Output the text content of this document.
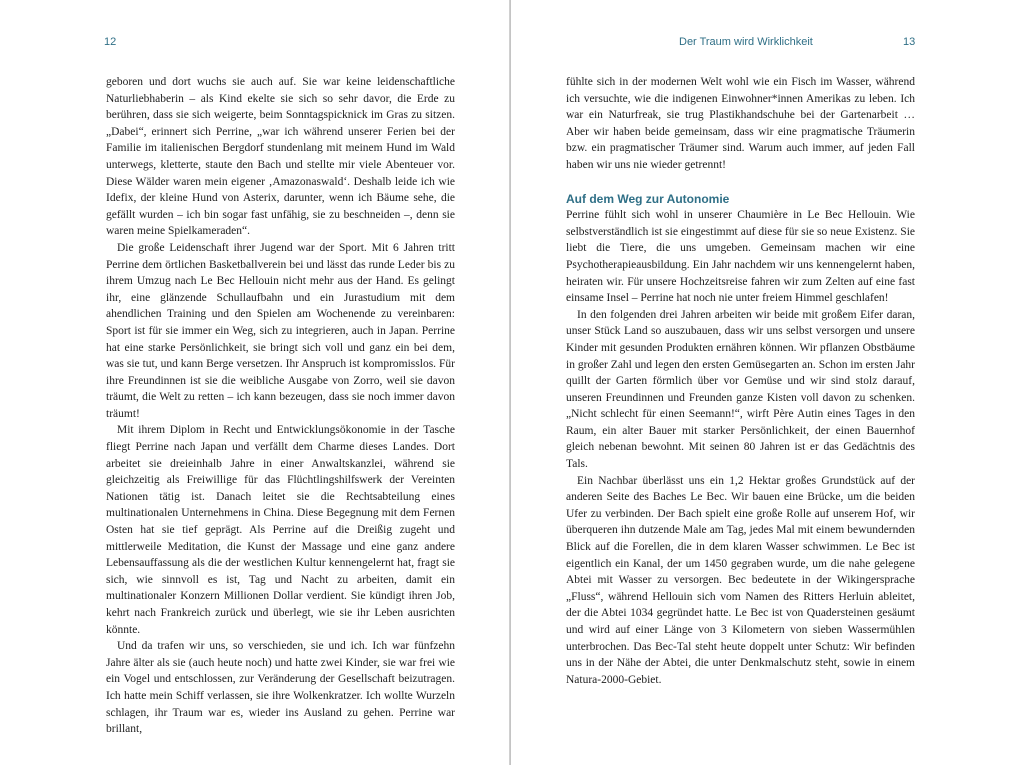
12

geboren und dort wuchs sie auch auf. Sie war keine leidenschaftliche Naturliebhaberin – als Kind ekelte sie sich so sehr davor, die Erde zu berühren, dass sie sich weigerte, beim Sonntagspicknick im Gras zu sitzen. „Dabei“, erinnert sich Perrine, „war ich während unserer Ferien bei der Familie im italienischen Bergdorf stundenlang mit meinem Hund im Wald unterwegs, kletterte, staute den Bach und stellte mir viele Abenteuer vor. Diese Wälder waren mein eigener ‚Amazonaswald‘. Deshalb leide ich wie Idefix, der kleine Hund von Asterix, darunter, wenn ich Bäume sehe, die gefällt wurden – ich bin sogar fast unfähig, sie zu beschneiden –, denn sie waren meine Spielkameraden“.

Die große Leidenschaft ihrer Jugend war der Sport. Mit 6 Jahren tritt Perrine dem örtlichen Basketballverein bei und lässt das runde Leder bis zu ihrem Umzug nach Le Bec Hellouin nicht mehr aus der Hand. Es gelingt ihr, eine glänzende Schullaufbahn und ein Jurastudium mit dem ahendlichen Training und den Spielen am Wochenende zu vereinbaren: Sport ist für sie immer ein Weg, sich zu integrieren, auch in Japan. Perrine hat eine starke Persönlichkeit, sie bringt sich voll und ganz ein bei dem, was sie tut, und kann Berge versetzen. Ihr Anspruch ist kompromisslos. Für ihre Freundinnen ist sie die weibliche Ausgabe von Zorro, weil sie davon träumt, die Welt zu retten – ich kann bezeugen, dass sie noch immer davon träumt!

Mit ihrem Diplom in Recht und Entwicklungsökonomie in der Tasche fliegt Perrine nach Japan und verfällt dem Charme dieses Landes. Dort arbeitet sie dreieinhalb Jahre in einer Anwaltskanzlei, während sie gleichzeitig als Freiwillige für das Flüchtlingshilfswerk der Vereinten Nationen tätig ist. Danach leitet sie die Rechtsabteilung eines multinationalen Unternehmens in China. Diese Begegnung mit dem Fernen Osten hat sie tief geprägt. Als Perrine auf die Dreißig zugeht und mittlerweile Meditation, die Kunst der Massage und eine ganz andere Lebensauffassung als die der westlichen Kultur kennengelernt hat, fragt sie sich, wie sinnvoll es ist, Tag und Nacht zu arbeiten, damit ein multinationaler Konzern Millionen Dollar verdient. Sie kündigt ihren Job, kehrt nach Frankreich zurück und überlegt, wie sie ihr Leben ausrichten könnte.

Und da trafen wir uns, so verschieden, sie und ich. Ich war fünfzehn Jahre älter als sie (auch heute noch) und hatte zwei Kinder, sie war frei wie ein Vogel und entschlossen, zur Veränderung der Gesellschaft beizutragen. Ich hatte mein Schiff verlassen, sie ihre Wolkenkratzer. Ich wollte Wurzeln schlagen, ihr Traum war es, wieder ins Ausland zu gehen. Perrine war brillant,

Der Traum wird Wirklichkeit	13

fühlte sich in der modernen Welt wohl wie ein Fisch im Wasser, während ich versuchte, wie die indigenen Einwohner*innen Amerikas zu leben. Ich war ein Naturfreak, sie trug Plastikhandschuhe bei der Gartenarbeit … Aber wir haben beide gemeinsam, dass wir eine pragmatische Träumerin bzw. ein pragmatischer Träumer sind. Warum auch immer, auf jeden Fall haben wir uns nie wieder getrennt!

Auf dem Weg zur Autonomie

Perrine fühlt sich wohl in unserer Chaumière in Le Bec Hellouin. Wie selbstverständlich ist sie eingestimmt auf diese für sie so neue Existenz. Sie liebt die Tiere, die uns umgeben. Gemeinsam machen wir eine Psychotherapieausbildung. Ein Jahr nachdem wir uns kennengelernt haben, heiraten wir. Für unsere Hochzeitsreise fahren wir zum Zelten auf eine fast einsame Insel – Perrine hat noch nie unter freiem Himmel geschlafen!

In den folgenden drei Jahren arbeiten wir beide mit großem Eifer daran, unser Stück Land so auszubauen, dass wir uns selbst versorgen und unsere Kinder mit gesunden Produkten ernähren können. Wir pflanzen Obstbäume in großer Zahl und legen den ersten Gemüsegarten an. Schon im ersten Jahr quillt der Garten förmlich über vor Gemüse und wir sind stolz darauf, unseren Freundinnen und Freunden ganze Kisten voll davon zu schenken. „Nicht schlecht für einen Seemann!“, wirft Père Autin eines Tages in den Raum, ein alter Bauer mit starker Persönlichkeit, der einen Bauernhof gleich nebenan bewohnt. Mit seinen 80 Jahren ist er das Gedächtnis des Tals.

Ein Nachbar überlässt uns ein 1,2 Hektar großes Grundstück auf der anderen Seite des Baches Le Bec. Wir bauen eine Brücke, um die beiden Ufer zu verbinden. Der Bach spielt eine große Rolle auf unserem Hof, wir überqueren ihn dutzende Male am Tag, jedes Mal mit einem bewundernden Blick auf die Forellen, die in dem klaren Wasser schwimmen. Le Bec ist eigentlich ein Kanal, der um 1450 gegraben wurde, um die nahe gelegene Abtei mit Wasser zu versorgen. Bec bedeutete in der Wikingersprache „Fluss“, während Hellouin sich vom Namen des Ritters Herluin ableitet, der die Abtei 1034 gegründet hatte. Le Bec ist von Quadersteinen gesäumt und wird auf einer Länge von 3 Kilometern von sieben Wassermühlen unterbrochen. Das Bec-Tal steht heute doppelt unter Schutz: Wir befinden uns in der Nähe der Abtei, die unter Denkmalschutz steht, sowie in einem Natura-2000-Gebiet.
